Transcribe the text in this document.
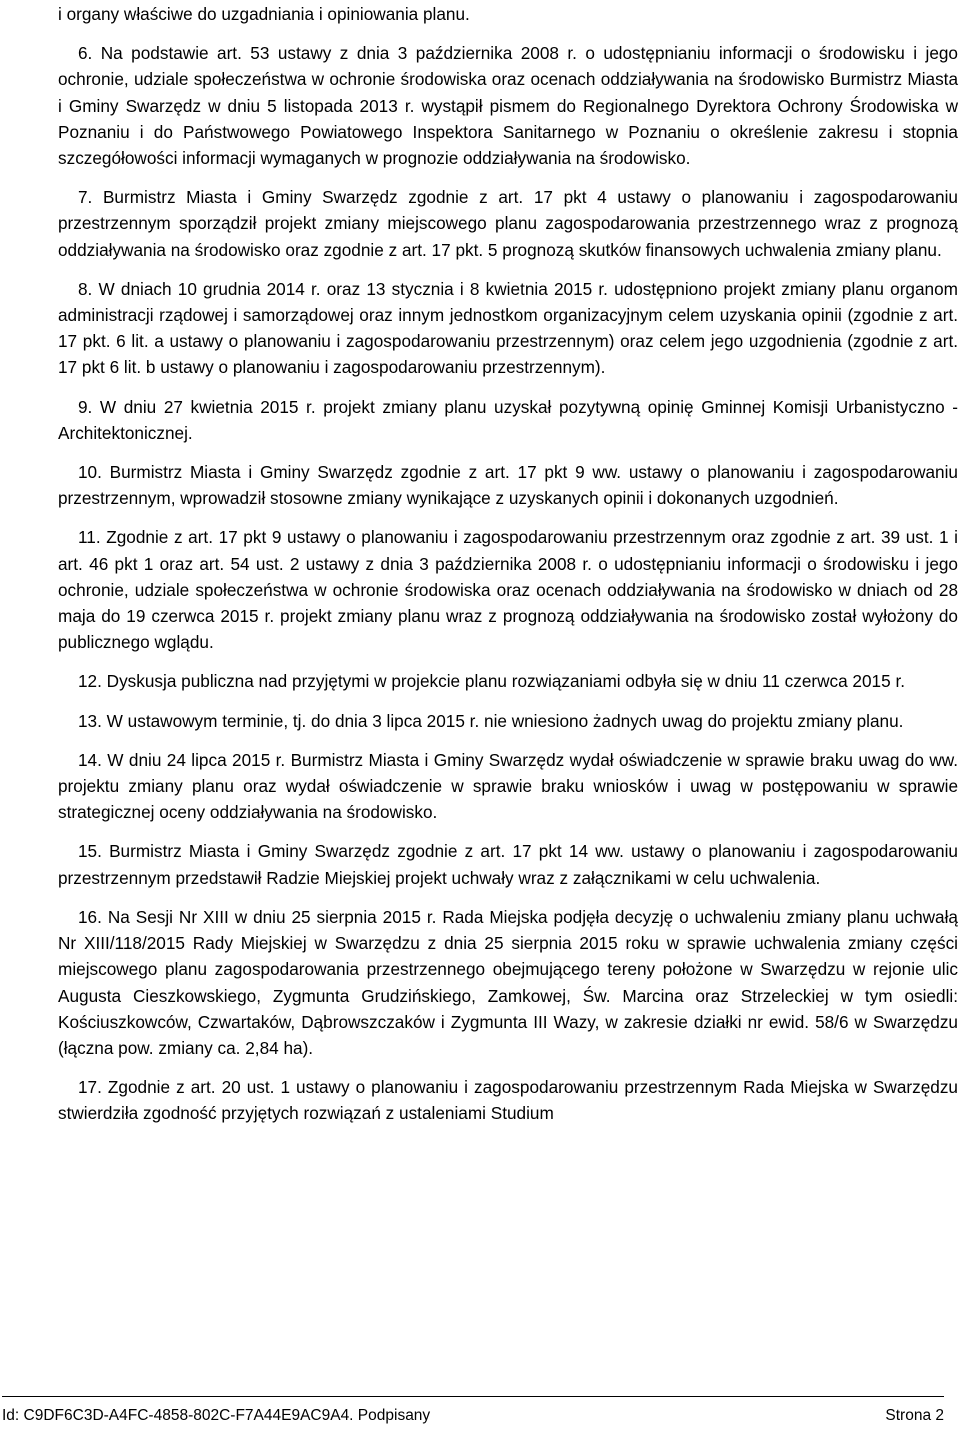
i organy właściwe do uzgadniania i opiniowania planu.

6. Na podstawie art. 53 ustawy z dnia 3 października 2008 r. o udostępnianiu informacji o środowisku i jego ochronie, udziale społeczeństwa w ochronie środowiska oraz ocenach oddziaływania na środowisko Burmistrz Miasta i Gminy Swarzędz w dniu 5 listopada 2013 r. wystąpił pismem do Regionalnego Dyrektora Ochrony Środowiska w Poznaniu i do Państwowego Powiatowego Inspektora Sanitarnego w Poznaniu o określenie zakresu i stopnia szczegółowości informacji wymaganych w prognozie oddziaływania na środowisko.

7. Burmistrz Miasta i Gminy Swarzędz zgodnie z art. 17 pkt 4 ustawy o planowaniu i zagospodarowaniu przestrzennym sporządził projekt zmiany miejscowego planu zagospodarowania przestrzennego wraz z prognozą oddziaływania na środowisko oraz zgodnie z art. 17 pkt. 5 prognozą skutków finansowych uchwalenia zmiany planu.

8. W dniach 10 grudnia 2014 r. oraz 13 stycznia i 8 kwietnia 2015 r. udostępniono projekt zmiany planu organom administracji rządowej i samorządowej oraz innym jednostkom organizacyjnym celem uzyskania opinii (zgodnie z art. 17 pkt. 6 lit. a ustawy o planowaniu i zagospodarowaniu przestrzennym) oraz celem jego uzgodnienia (zgodnie z art. 17 pkt 6 lit. b ustawy o planowaniu i zagospodarowaniu przestrzennym).

9. W dniu 27 kwietnia 2015 r. projekt zmiany planu uzyskał pozytywną opinię Gminnej Komisji Urbanistyczno - Architektonicznej.

10. Burmistrz Miasta i Gminy Swarzędz zgodnie z art. 17 pkt 9 ww. ustawy o planowaniu i zagospodarowaniu przestrzennym, wprowadził stosowne zmiany wynikające z uzyskanych opinii i dokonanych uzgodnień.

11. Zgodnie z art. 17 pkt 9 ustawy o planowaniu i zagospodarowaniu przestrzennym oraz zgodnie z art. 39 ust. 1 i art. 46 pkt 1 oraz art. 54 ust. 2 ustawy z dnia 3 października 2008 r. o udostępnianiu informacji o środowisku i jego ochronie, udziale społeczeństwa w ochronie środowiska oraz ocenach oddziaływania na środowisko w dniach od 28 maja do 19 czerwca 2015 r. projekt zmiany planu wraz z prognozą oddziaływania na środowisko został wyłożony do publicznego wglądu.

12. Dyskusja publiczna nad przyjętymi w projekcie planu rozwiązaniami odbyła się w dniu 11 czerwca 2015 r.

13. W ustawowym terminie, tj. do dnia 3 lipca 2015 r. nie wniesiono żadnych uwag do projektu zmiany planu.

14. W dniu 24 lipca 2015 r. Burmistrz Miasta i Gminy Swarzędz wydał oświadczenie w sprawie braku uwag do ww. projektu zmiany planu oraz wydał oświadczenie w sprawie braku wniosków i uwag w postępowaniu w sprawie strategicznej oceny oddziaływania na środowisko.

15. Burmistrz Miasta i Gminy Swarzędz zgodnie z art. 17 pkt 14 ww. ustawy o planowaniu i zagospodarowaniu przestrzennym przedstawił Radzie Miejskiej projekt uchwały wraz z załącznikami w celu uchwalenia.

16. Na Sesji Nr XIII w dniu 25 sierpnia 2015 r. Rada Miejska podjęła decyzję o uchwaleniu zmiany planu uchwałą Nr XIII/118/2015 Rady Miejskiej w Swarzędzu z dnia 25 sierpnia 2015 roku w sprawie uchwalenia zmiany części miejscowego planu zagospodarowania przestrzennego obejmującego tereny położone w Swarzędzu w rejonie ulic Augusta Cieszkowskiego, Zygmunta Grudzińskiego, Zamkowej, Św. Marcina oraz Strzeleckiej w tym osiedli: Kościuszkowców, Czwartaków, Dąbrowszczaków i Zygmunta III Wazy, w zakresie działki nr ewid. 58/6 w Swarzędzu (łączna pow. zmiany ca. 2,84 ha).

17. Zgodnie z art. 20 ust. 1 ustawy o planowaniu i zagospodarowaniu przestrzennym Rada Miejska w Swarzędzu stwierdziła zgodność przyjętych rozwiązań z ustaleniami Studium

Id: C9DF6C3D-A4FC-4858-802C-F7A44E9AC9A4. Podpisany	Strona 2
